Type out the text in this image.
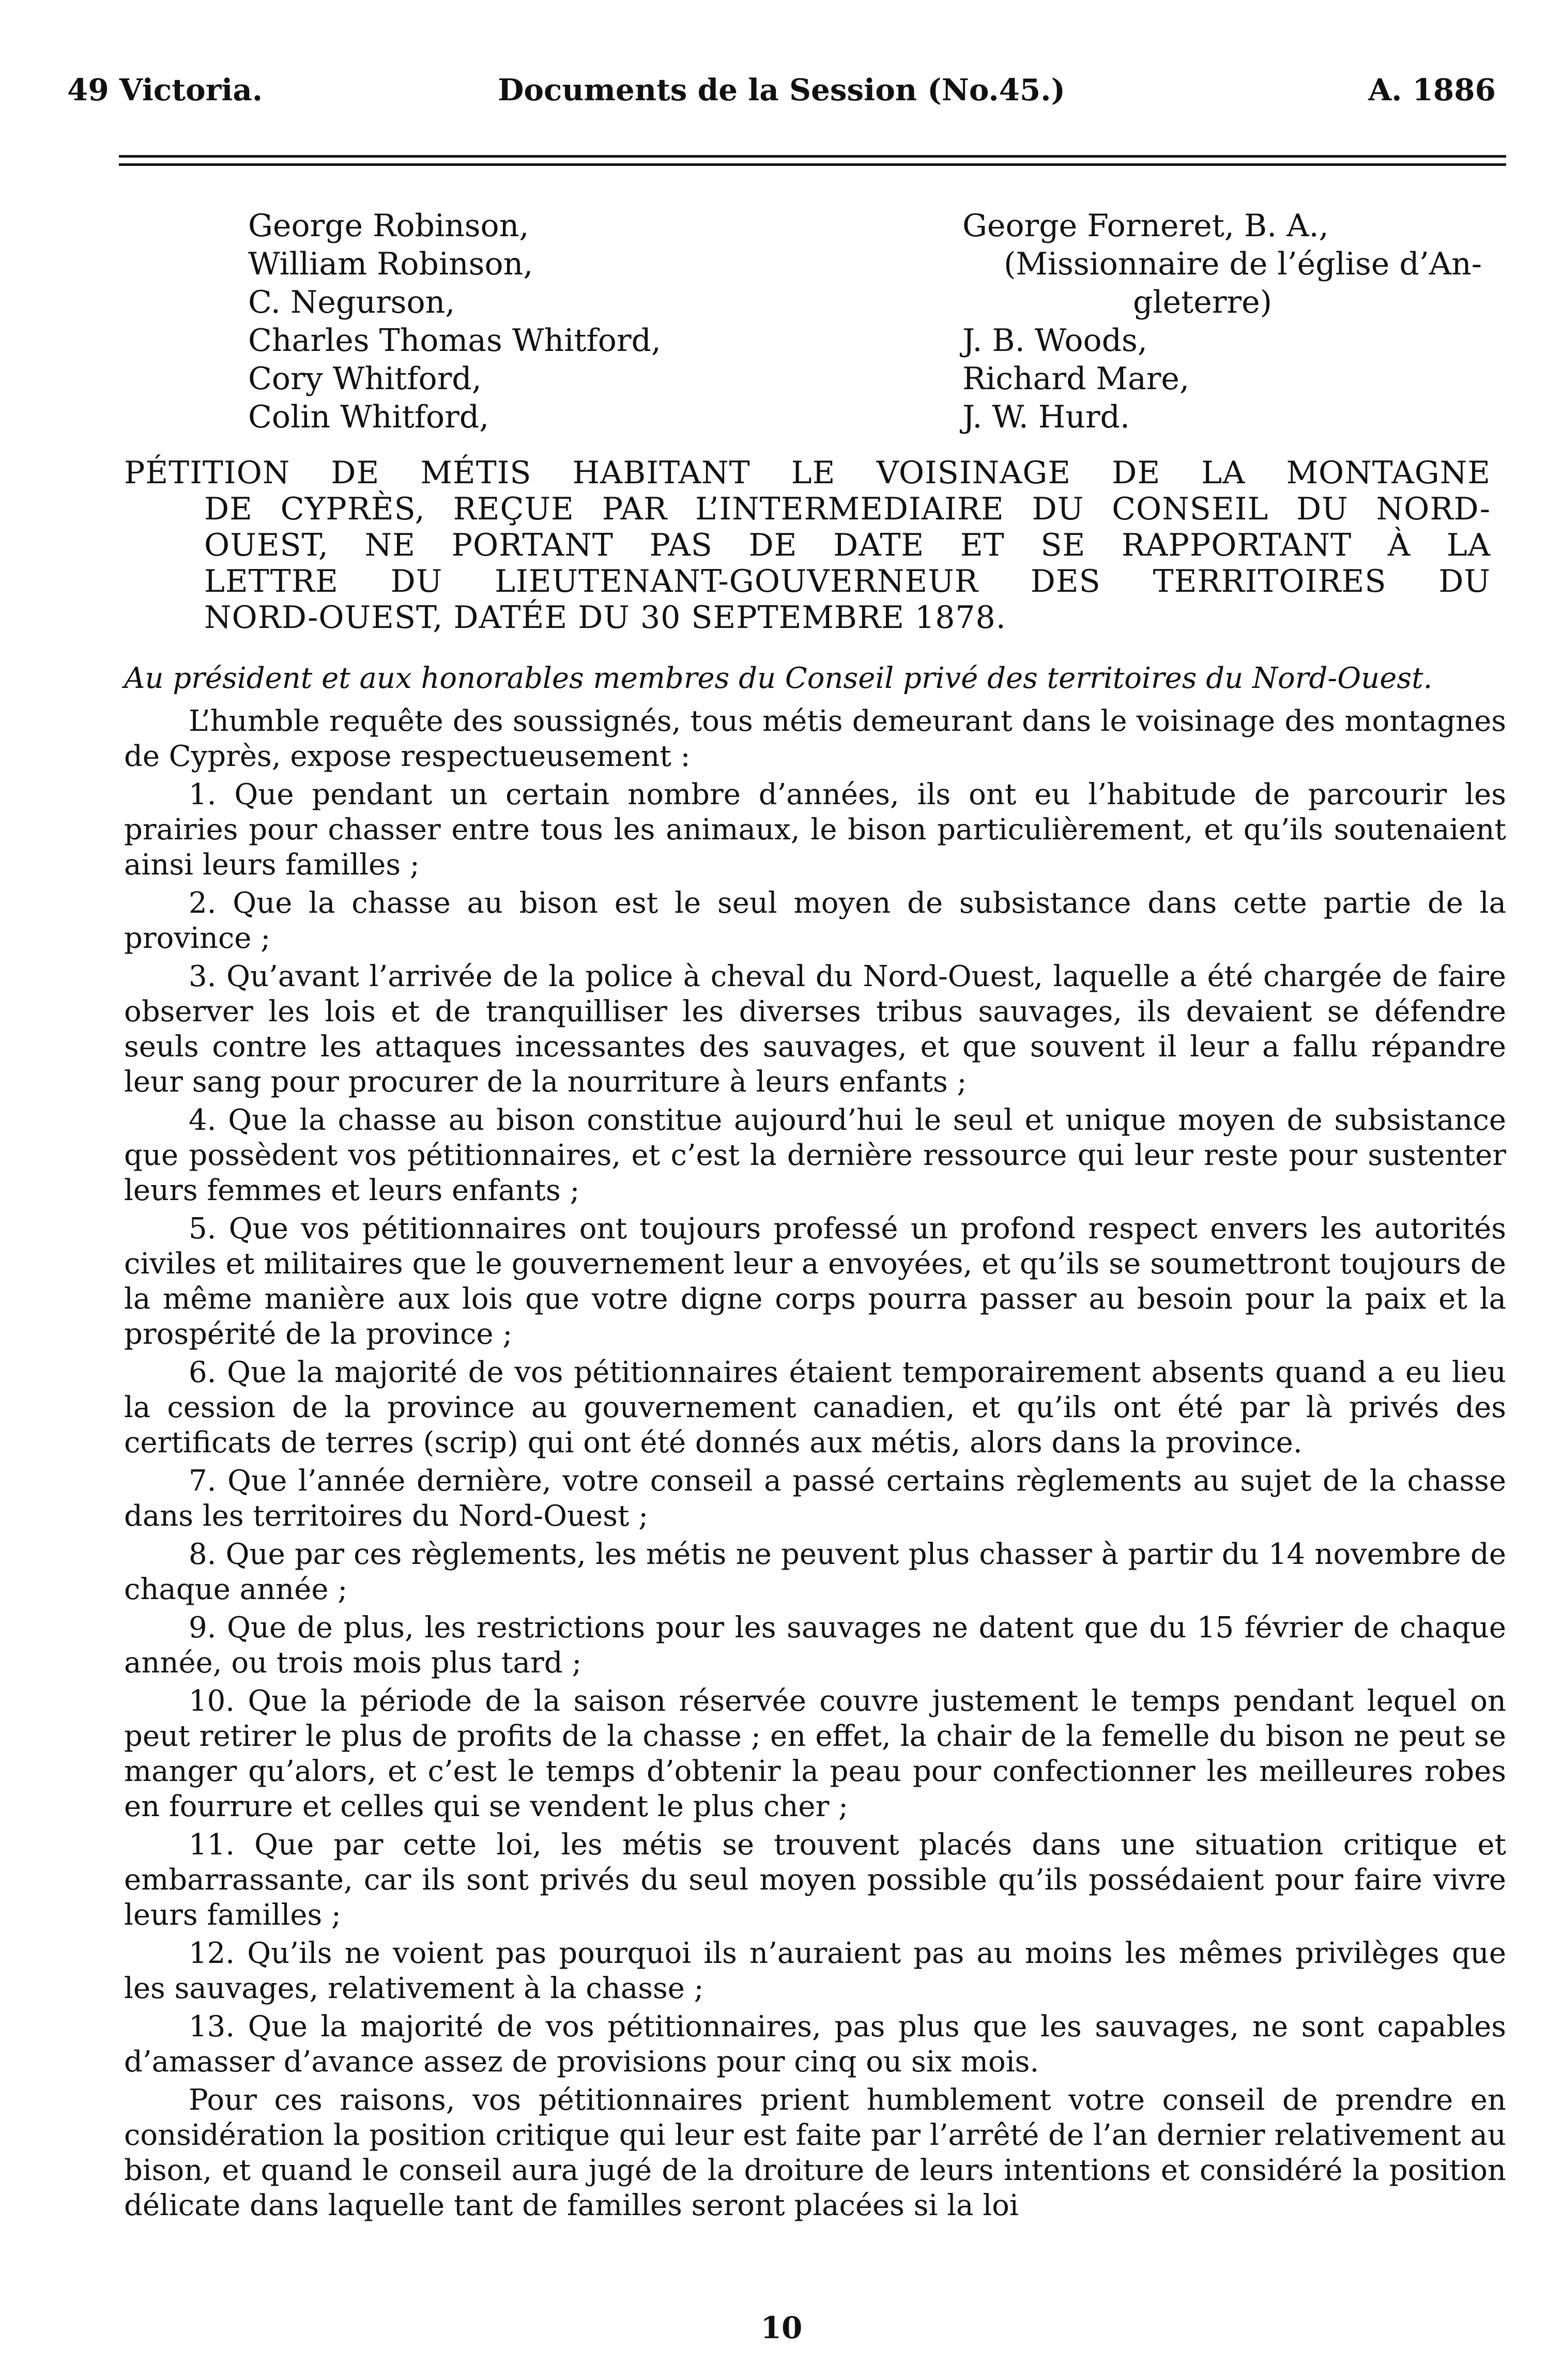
49 Victoria.	Documents de la Session (No.45.)	A. 1886
George Robinson,
William Robinson,
C. Negurson,
Charles Thomas Whitford,
Cory Whitford,
Colin Whitford,
George Forneret, B. A.,
(Missionnaire de l’église d’An-
gleterre)
J. B. Woods,
Richard Mare,
J. W. Hurd.
PÉTITION DE MÉTIS HABITANT LE VOISINAGE DE LA MONTAGNE
DE CYPRÈS, REÇUE PAR L’INTERMEDIAIRE DU CONSEIL DU NORD-
OUEST, NE PORTANT PAS DE DATE ET SE RAPPORTANT À LA
LETTRE DU LIEUTENANT-GOUVERNEUR DES TERRITOIRES DU
NORD-OUEST, DATÉE DU 30 SEPTEMBRE 1878.
Au président et aux honorables membres du Conseil privé des territoires du Nord-Ouest.

L’humble requête des soussignés, tous métis demeurant dans le voisinage des montagnes de Cyprès, expose respectueusement :

1. Que pendant un certain nombre d’années, ils ont eu l’habitude de parcourir les prairies pour chasser entre tous les animaux, le bison particulièrement, et qu’ils soutenaient ainsi leurs familles ;

2. Que la chasse au bison est le seul moyen de subsistance dans cette partie de la province ;

3. Qu’avant l’arrivée de la police à cheval du Nord-Ouest, laquelle a été chargée de faire observer les lois et de tranquilliser les diverses tribus sauvages, ils devaient se défendre seuls contre les attaques incessantes des sauvages, et que souvent il leur a fallu répandre leur sang pour procurer de la nourriture à leurs enfants ;

4. Que la chasse au bison constitue aujourd’hui le seul et unique moyen de subsistance que possèdent vos pétitionnaires, et c’est la dernière ressource qui leur reste pour sustenter leurs femmes et leurs enfants ;

5. Que vos pétitionnaires ont toujours professé un profond respect envers les autorités civiles et militaires que le gouvernement leur a envoyées, et qu’ils se soumettront toujours de la même manière aux lois que votre digne corps pourra passer au besoin pour la paix et la prospérité de la province ;

6. Que la majorité de vos pétitionnaires étaient temporairement absents quand a eu lieu la cession de la province au gouvernement canadien, et qu’ils ont été par là privés des certificats de terres (scrip) qui ont été donnés aux métis, alors dans la province.

7. Que l’année dernière, votre conseil a passé certains règlements au sujet de la chasse dans les territoires du Nord-Ouest ;

8. Que par ces règlements, les métis ne peuvent plus chasser à partir du 14 novembre de chaque année ;

9. Que de plus, les restrictions pour les sauvages ne datent que du 15 février de chaque année, ou trois mois plus tard ;

10. Que la période de la saison réservée couvre justement le temps pendant lequel on peut retirer le plus de profits de la chasse ; en effet, la chair de la femelle du bison ne peut se manger qu’alors, et c’est le temps d’obtenir la peau pour confectionner les meilleures robes en fourrure et celles qui se vendent le plus cher ;

11. Que par cette loi, les métis se trouvent placés dans une situation critique et embarrassante, car ils sont privés du seul moyen possible qu’ils possédaient pour faire vivre leurs familles ;

12. Qu’ils ne voient pas pourquoi ils n’auraient pas au moins les mêmes privilèges que les sauvages, relativement à la chasse ;

13. Que la majorité de vos pétitionnaires, pas plus que les sauvages, ne sont capables d’amasser d’avance assez de provisions pour cinq ou six mois.

Pour ces raisons, vos pétitionnaires prient humblement votre conseil de prendre en considération la position critique qui leur est faite par l’arrêté de l’an dernier relativement au bison, et quand le conseil aura jugé de la droiture de leurs intentions et considéré la position délicate dans laquelle tant de familles seront placées si la loi

10
